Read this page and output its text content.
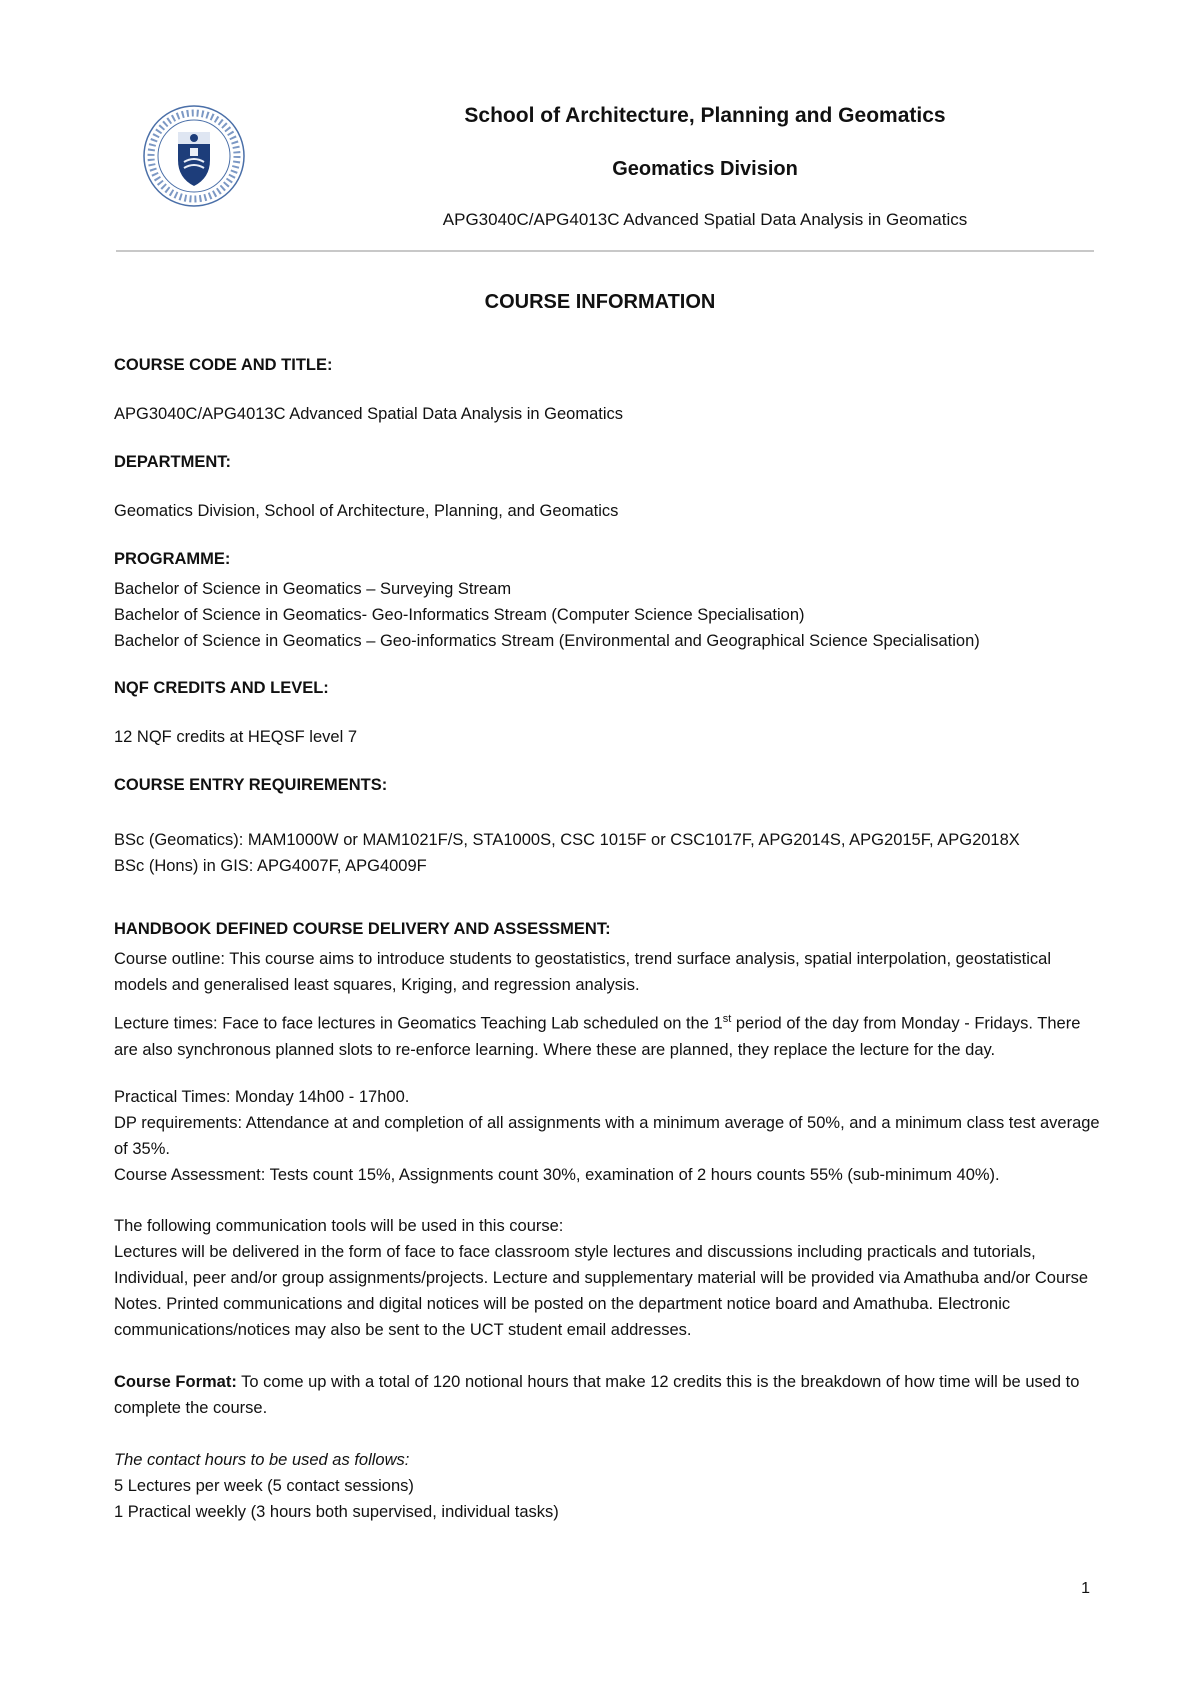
School of Architecture, Planning and Geomatics
Geomatics Division
APG3040C/APG4013C Advanced Spatial Data Analysis in Geomatics
COURSE INFORMATION
COURSE CODE AND TITLE:
APG3040C/APG4013C Advanced Spatial Data Analysis in Geomatics
DEPARTMENT:
Geomatics Division, School of Architecture, Planning, and Geomatics
PROGRAMME:
Bachelor of Science in Geomatics – Surveying Stream
Bachelor of Science in Geomatics- Geo-Informatics Stream (Computer Science Specialisation)
Bachelor of Science in Geomatics – Geo-informatics Stream (Environmental and Geographical Science Specialisation)
NQF CREDITS AND LEVEL:
12 NQF credits at HEQSF level 7
COURSE ENTRY REQUIREMENTS:
BSc (Geomatics): MAM1000W or MAM1021F/S, STA1000S, CSC 1015F or CSC1017F, APG2014S, APG2015F, APG2018X
BSc (Hons) in GIS: APG4007F, APG4009F
HANDBOOK DEFINED COURSE DELIVERY AND ASSESSMENT:
Course outline: This course aims to introduce students to geostatistics, trend surface analysis, spatial interpolation, geostatistical models and generalised least squares, Kriging, and regression analysis.
Lecture times: Face to face lectures in Geomatics Teaching Lab scheduled on the 1st period of the day from Monday - Fridays. There are also synchronous planned slots to re-enforce learning. Where these are planned, they replace the lecture for the day.
Practical Times: Monday 14h00 - 17h00.
DP requirements: Attendance at and completion of all assignments with a minimum average of 50%, and a minimum class test average of 35%.
Course Assessment: Tests count 15%, Assignments count 30%, examination of 2 hours counts 55% (sub-minimum 40%).
The following communication tools will be used in this course:
Lectures will be delivered in the form of face to face classroom style lectures and discussions including practicals and tutorials, Individual, peer and/or group assignments/projects. Lecture and supplementary material will be provided via Amathuba and/or Course Notes. Printed communications and digital notices will be posted on the department notice board and Amathuba. Electronic communications/notices may also be sent to the UCT student email addresses.
Course Format: To come up with a total of 120 notional hours that make 12 credits this is the breakdown of how time will be used to complete the course.
The contact hours to be used as follows:
5 Lectures per week (5 contact sessions)
1 Practical weekly (3 hours both supervised, individual tasks)
1
